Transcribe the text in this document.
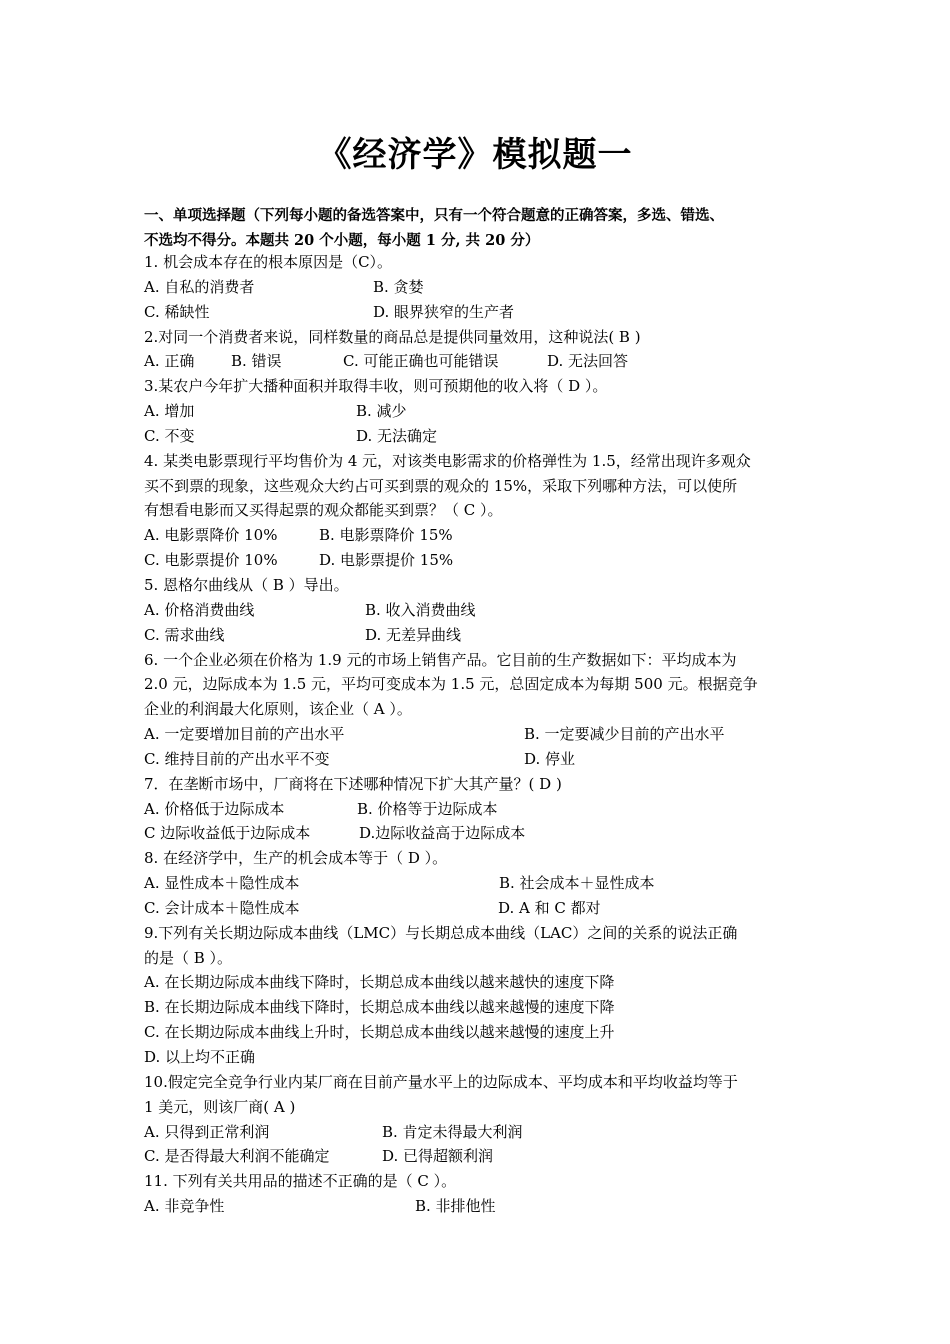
《经济学》模拟题一
一、单项选择题（下列每小题的备选答案中，只有一个符合题意的正确答案，多选、错选、
不选均不得分。本题共 20 个小题，每小题 1 分, 共 20 分）
1. 机会成本存在的根本原因是（C）。
A. 自私的消费者	B. 贪婪
C. 稀缺性	D. 眼界狭窄的生产者
2.对同一个消费者来说，同样数量的商品总是提供同量效用，这种说法( B )
A. 正确 B. 错误	C. 可能正确也可能错误	D. 无法回答
3.某农户今年扩大播种面积并取得丰收，则可预期他的收入将（ D ）。
A. 增加	B. 减少
C. 不变	D. 无法确定
4. 某类电影票现行平均售价为 4 元，对该类电影需求的价格弹性为 1.5，经常出现许多观众
买不到票的现象，这些观众大约占可买到票的观众的 15%，采取下列哪种方法，可以使所
有想看电影而又买得起票的观众都能买到票？（ C ）。
A. 电影票降价 10%	B. 电影票降价 15%
C. 电影票提价 10%	D. 电影票提价 15%
5. 恩格尔曲线从（ B ）导出。
A. 价格消费曲线	B. 收入消费曲线
C. 需求曲线	D. 无差异曲线
6. 一个企业必须在价格为 1.9 元的市场上销售产品。它目前的生产数据如下：平均成本为
2.0 元，边际成本为 1.5 元，平均可变成本为 1.5 元，总固定成本为每期 500 元。根据竞争
企业的利润最大化原则，该企业（ A ）。
A. 一定要增加目前的产出水平	B. 一定要减少目前的产出水平
C. 维持目前的产出水平不变	D. 停业
7．在垄断市场中，厂商将在下述哪种情况下扩大其产量？( D )
A. 价格低于边际成本	B. 价格等于边际成本
C 边际收益低于边际成本	D.边际收益高于边际成本
8. 在经济学中，生产的机会成本等于（ D ）。
A. 显性成本＋隐性成本	B. 社会成本＋显性成本
C. 会计成本＋隐性成本	D. A 和 C 都对
9.下列有关长期边际成本曲线（LMC）与长期总成本曲线（LAC）之间的关系的说法正确
的是（ B ）。
A. 在长期边际成本曲线下降时，长期总成本曲线以越来越快的速度下降
B. 在长期边际成本曲线下降时，长期总成本曲线以越来越慢的速度下降
C. 在长期边际成本曲线上升时，长期总成本曲线以越来越慢的速度上升
D. 以上均不正确
10.假定完全竞争行业内某厂商在目前产量水平上的边际成本、平均成本和平均收益均等于
1 美元，则该厂商( A )
A. 只得到正常利润	B. 肯定未得最大利润
C. 是否得最大利润不能确定	D. 已得超额利润
11. 下列有关共用品的描述不正确的是（ C ）。
A. 非竞争性	B. 非排他性
